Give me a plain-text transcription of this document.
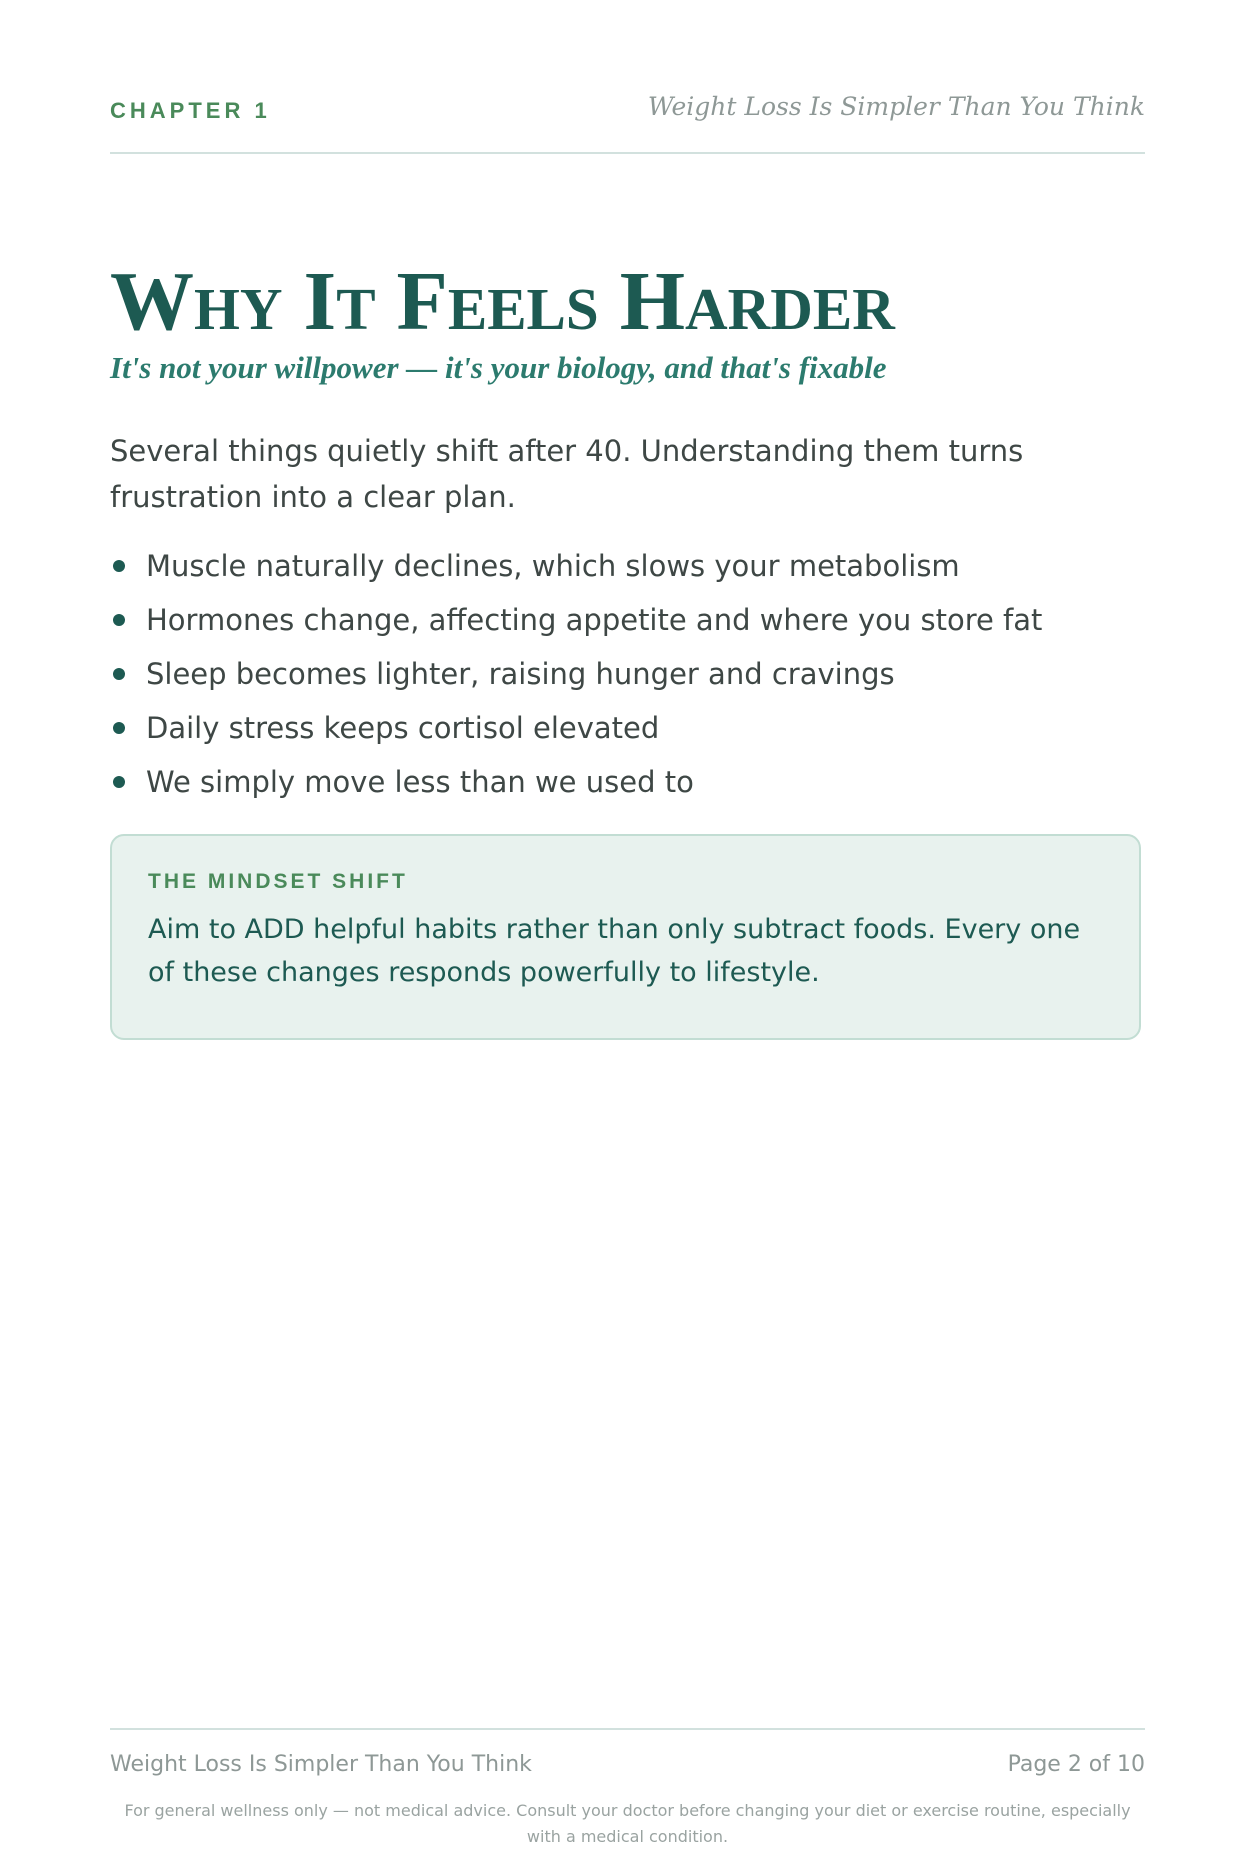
CHAPTER 1	Weight Loss Is Simpler Than You Think
Why It Feels Harder
It's not your willpower — it's your biology, and that's fixable

Several things quietly shift after 40. Understanding them turns frustration into a clear plan.

Muscle naturally declines, which slows your metabolism
Hormones change, affecting appetite and where you store fat
Sleep becomes lighter, raising hunger and cravings
Daily stress keeps cortisol elevated
We simply move less than we used to
THE MINDSET SHIFT

Aim to ADD helpful habits rather than only subtract foods. Every one of these changes responds powerfully to lifestyle.

Weight Loss Is Simpler Than You Think	Page 2 of 10

For general wellness only — not medical advice. Consult your doctor before changing your diet or exercise routine, especially with a medical condition.
